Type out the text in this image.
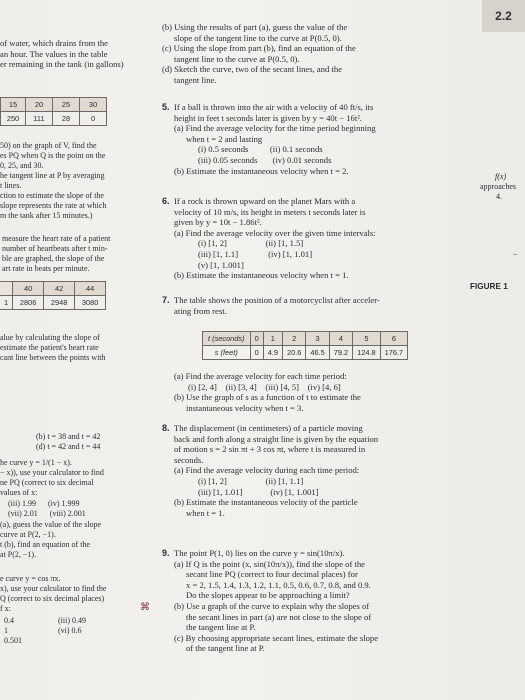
2.2
of water, which drains from the
an hour. The values in the table
er remaining in the tank (in gallons)
15	20	25	30
250	111	28	0
50) on the graph of V, find the
es PQ when Q is the point on the
0, 25, and 30.
he tangent line at P by averaging
t lines.
ction to estimate the slope of the
slope represents the rate at which
m the tank after 15 minutes.)
measure the heart rate of a patient
number of heartbeats after t min-
ble are graphed, the slope of the
art rate in beats per minute.
	40	42	44
1	2806	2948	3080
alue by calculating the slope of
estimate the patient's heart rate
cant line between the points with
(b) t = 38 and t = 42
(d) t = 42 and t = 44
he curve y = 1/(1 − x).
− x)), use your calculator to find
ne PQ (correct to six decimal
values of x:
(iii) 1.99 (iv) 1.999
(vii) 2.01 (viii) 2.001
(a), guess the value of the slope
curve at P(2, −1).
t (b), find an equation of the
at P(2, −1).
e curve y = cos πx.
x), use your calculator to find the
Q (correct to six decimal places)
f x:
0.4	(iii) 0.49
1	(vi) 0.6
0.501
⌘
(b) Using the results of part (a), guess the value of the
slope of the tangent line to the curve at P(0.5, 0).
(c) Using the slope from part (b), find an equation of the
tangent line to the curve at P(0.5, 0).
(d) Sketch the curve, two of the secant lines, and the
tangent line.
5. If a ball is thrown into the air with a velocity of 40 ft/s, its
height in feet t seconds later is given by y = 40t − 16t².
(a) Find the average velocity for the time period beginning
when t = 2 and lasting
(i) 0.5 seconds          (ii) 0.1 seconds
(iii) 0.05 seconds       (iv) 0.01 seconds
(b) Estimate the instantaneous velocity when t = 2.
6. If a rock is thrown upward on the planet Mars with a
velocity of 10 m/s, its height in meters t seconds later is
given by y = 10t − 1.86t².
(a) Find the average velocity over the given time intervals:
(i) [1, 2]                  (ii) [1, 1.5]
(iii) [1, 1.1]              (iv) [1, 1.01]
(v) [1, 1.001]
(b) Estimate the instantaneous velocity when t = 1.
7. The table shows the position of a motorcyclist after acceler-
ating from rest.
t (seconds)	0	1	2	3	4	5	6
s (feet)	0	4.9	20.6	46.5	79.2	124.8	176.7
(a) Find the average velocity for each time period:
(i) [2, 4]    (ii) [3, 4]    (iii) [4, 5]    (iv) [4, 6]
(b) Use the graph of s as a function of t to estimate the
instantaneous velocity when t = 3.
8. The displacement (in centimeters) of a particle moving
back and forth along a straight line is given by the equation
of motion s = 2 sin πt + 3 cos πt, where t is measured in
seconds.
(a) Find the average velocity during each time period:
(i) [1, 2]                  (ii) [1, 1.1]
(iii) [1, 1.01]             (iv) [1, 1.001]
(b) Estimate the instantaneous velocity of the particle
when t = 1.
9. The point P(1, 0) lies on the curve y = sin(10π/x).
(a) If Q is the point (x, sin(10π/x)), find the slope of the
secant line PQ (correct to four decimal places) for
x = 2, 1.5, 1.4, 1.3, 1.2, 1.1, 0.5, 0.6, 0.7, 0.8, and 0.9.
Do the slopes appear to be approaching a limit?
(b) Use a graph of the curve to explain why the slopes of
the secant lines in part (a) are not close to the slope of
the tangent line at P.
(c) By choosing appropriate secant lines, estimate the slope
of the tangent line at P.
f(x)
approaches
4.
−
FIGURE 1
